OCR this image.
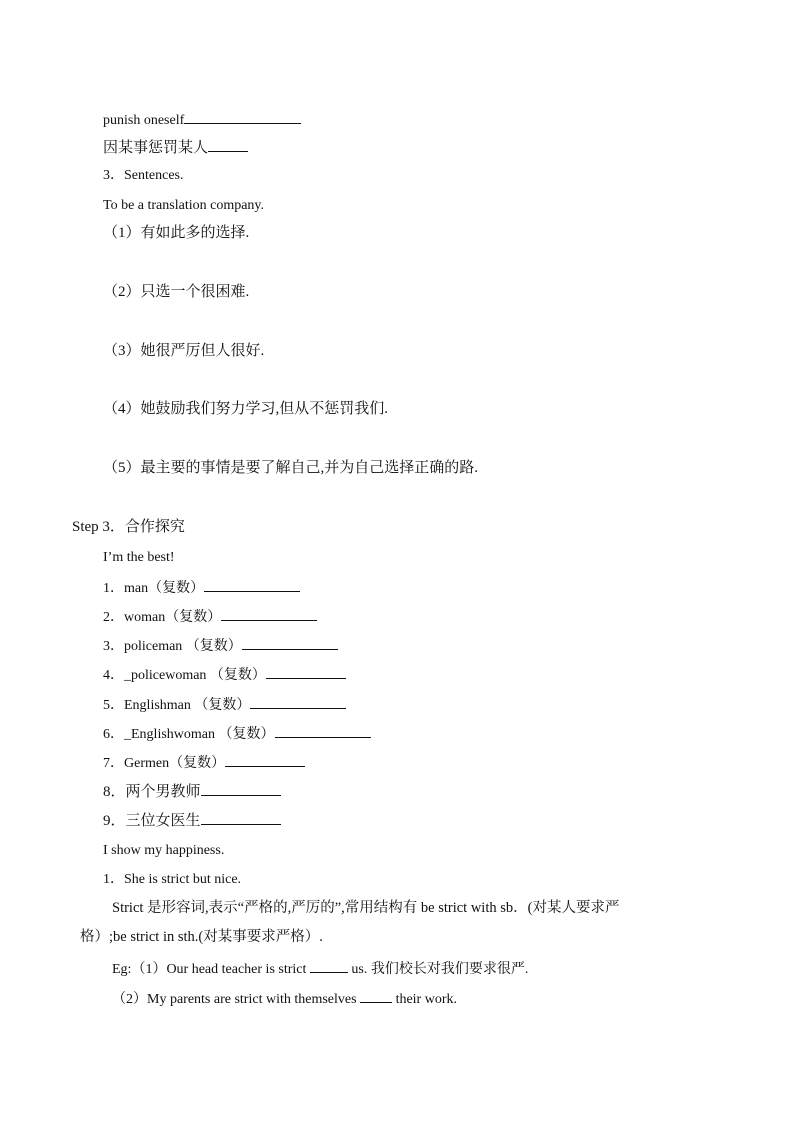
punish oneself
因某事惩罚某人
3．Sentences.
To be a translation company.
（1）有如此多的选择.
（2）只选一个很困难.
（3）她很严厉但人很好.
（4）她鼓励我们努力学习,但从不惩罚我们.
（5）最主要的事情是要了解自己,并为自己选择正确的路.
Step 3．合作探究
I’m the best!
1．man（复数）
2．woman（复数）
3．policeman （复数）
4．_policewoman （复数）
5．Englishman （复数）
6．_Englishwoman （复数）
7．Germen（复数）
8．两个男教师
9．三位女医生
I show my happiness.
1．She is strict but nice.
Strict 是形容词,表示“严格的,严厉的”,常用结构有 be strict with sb．(对某人要求严
格）;be strict in sth.(对某事要求严格）.
Eg:（1）Our head teacher is strict	us. 我们校长对我们要求很严.
（2）My parents are strict with themselves  their work.
